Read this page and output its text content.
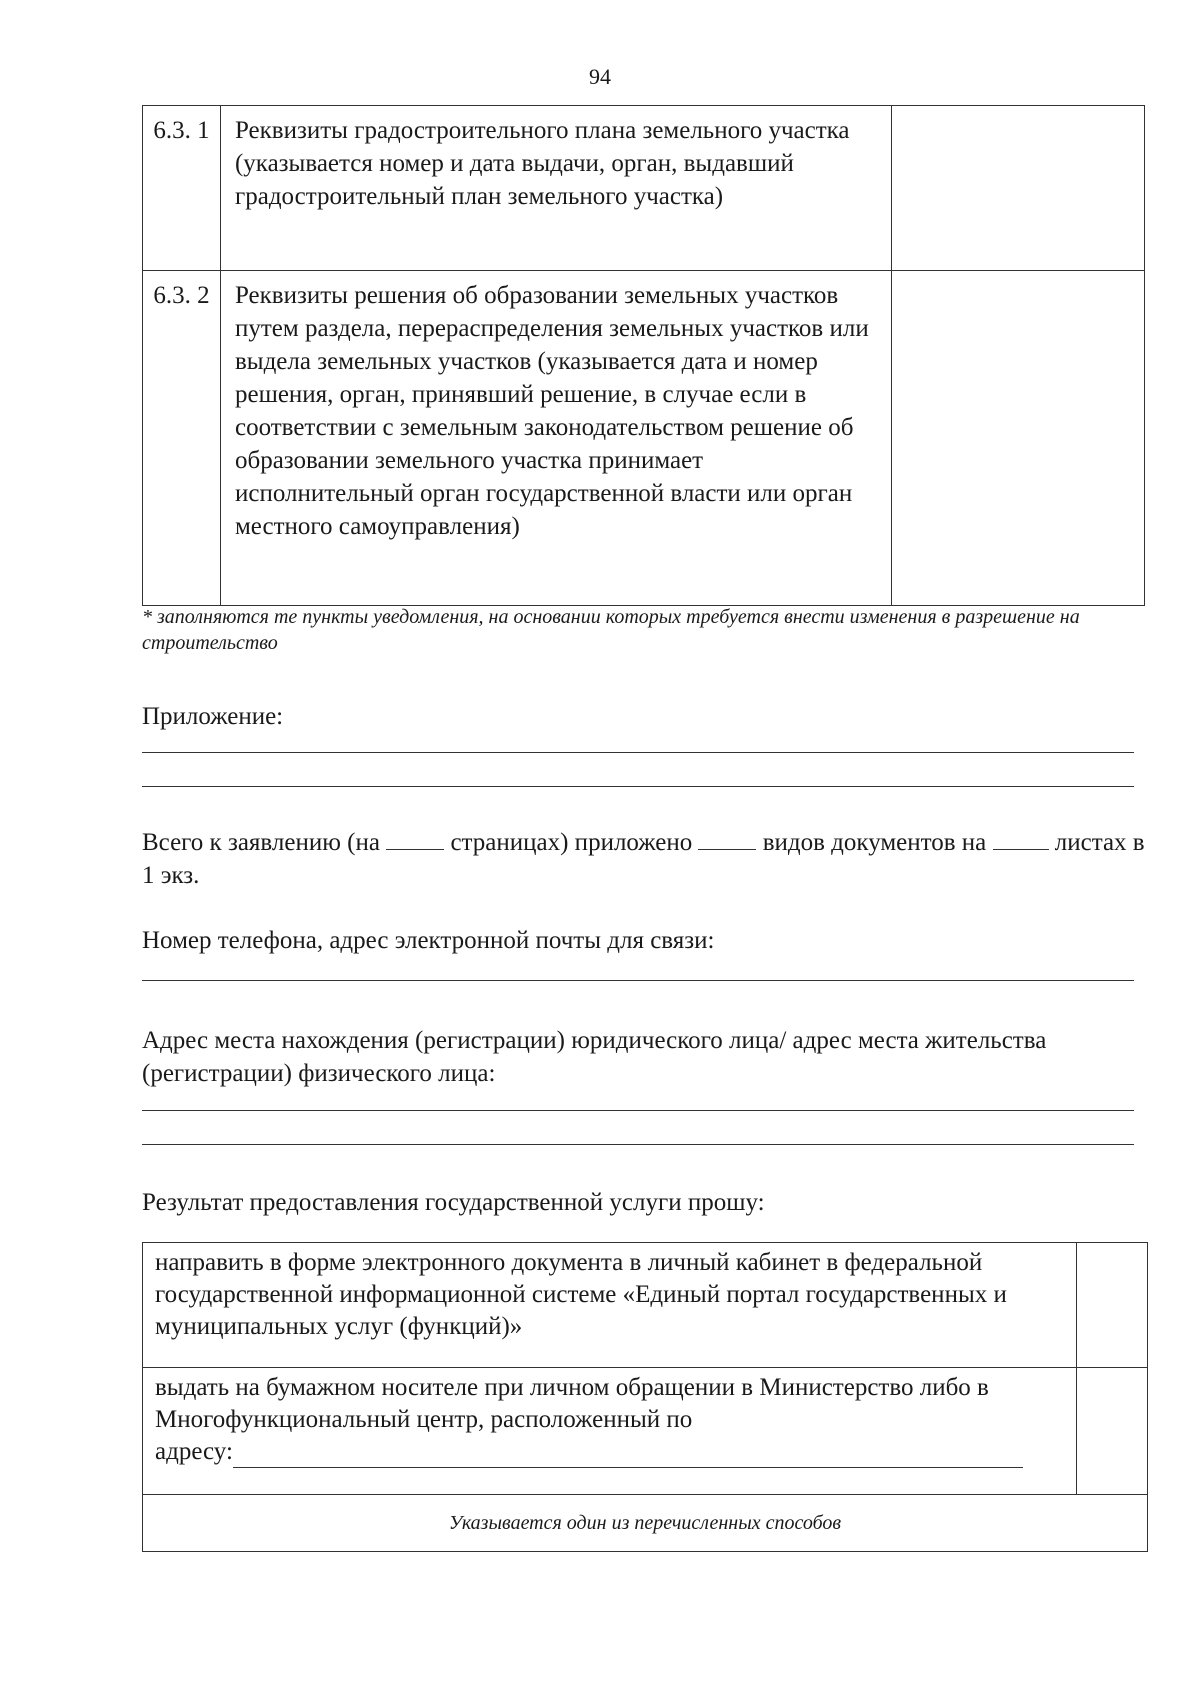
94
6.3. 1	Реквизиты градостроительного плана земельного участка (указывается номер и дата выдачи, орган, выдавший градостроительный план земельного участка)	
6.3. 2	Реквизиты решения об образовании земельных участков путем раздела, перераспределения земельных участков или выдела земельных участков (указывается дата и номер решения, орган, принявший решение, в случае если в соответствии с земельным законодательством решение об образовании земельного участка принимает исполнительный орган государственной власти или орган местного самоуправления)	
* заполняются те пункты уведомления, на основании которых требуется внести изменения в разрешение на строительство
Приложение:
Всего к заявлению (на	страницах) приложено	видов документов на	листах в 1 экз.
Номер телефона, адрес электронной почты для связи:
Адрес места нахождения (регистрации) юридического лица/ адрес места жительства (регистрации) физического лица:
Результат предоставления государственной услуги прошу:
направить в форме электронного документа в личный кабинет в федеральной государственной информационной системе «Единый портал государственных и муниципальных услуг (функций)»	
выдать на бумажном носителе при личном обращении в Министерство либо в Многофункциональный центр, расположенный по
адресу:	
Указывается один из перечисленных способов	
